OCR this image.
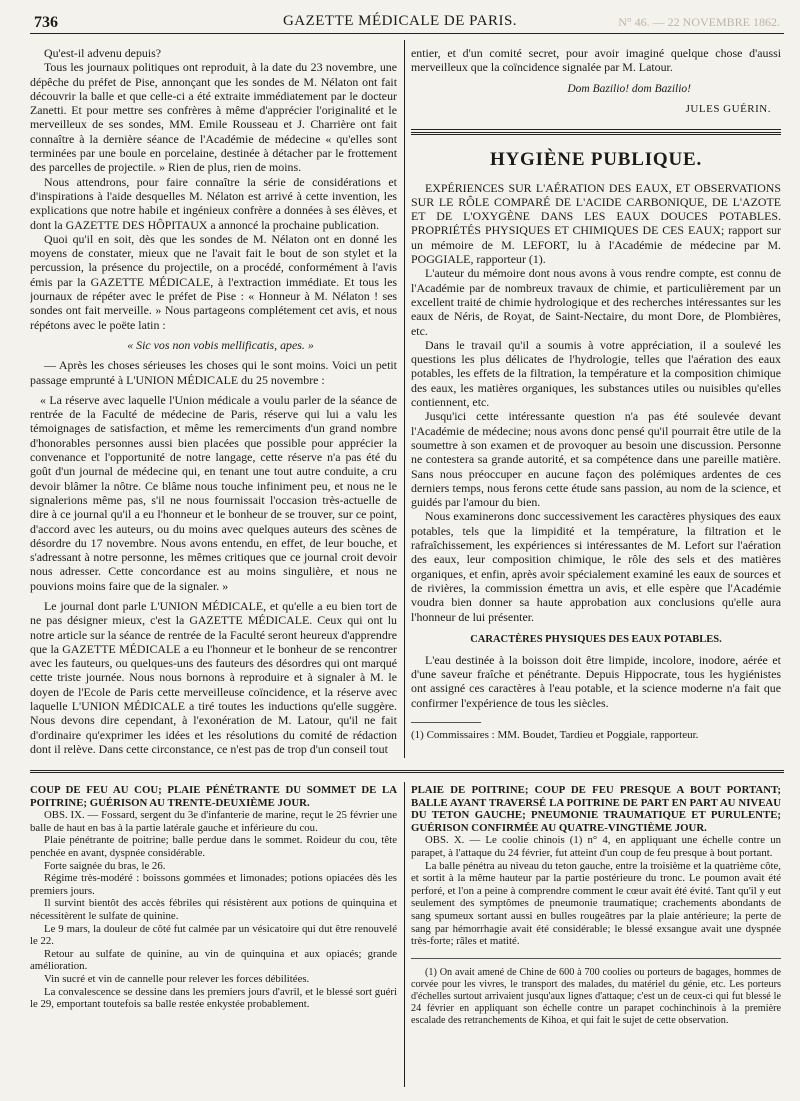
736	GAZETTE MÉDICALE DE PARIS.	N° 46. — 22 NOVEMBRE 1862.

Qu'est-il advenu depuis?

Tous les journaux politiques ont reproduit, à la date du 23 novembre, une dépêche du préfet de Pise, annonçant que les sondes de M. Nélaton ont fait découvrir la balle et que celle-ci a été extraite immédiatement par le docteur Zanetti. Et pour mettre ses confrères à même d'apprécier l'originalité et le merveilleux de ses sondes, MM. Emile Rousseau et J. Charrière ont fait connaître à la dernière séance de l'Académie de médecine « qu'elles sont terminées par une boule en porcelaine, destinée à détacher par le frottement des parcelles de projectile. » Rien de plus, rien de moins.

Nous attendrons, pour faire connaître la série de considérations et d'inspirations à l'aide desquelles M. Nélaton est arrivé à cette invention, les explications que notre habile et ingénieux confrère a données à ses élèves, et dont la GAZETTE DES HÔPITAUX a annoncé la prochaine publication.

Quoi qu'il en soit, dès que les sondes de M. Nélaton ont en donné les moyens de constater, mieux que ne l'avait fait le bout de son stylet et la percussion, la présence du projectile, on a procédé, conformément à l'avis émis par la GAZETTE MÉDICALE, à l'extraction immédiate. Et tous les journaux de répéter avec le préfet de Pise : « Honneur à M. Nélaton ! ses sondes ont fait merveille. » Nous partageons complétement cet avis, et nous répétons avec le poëte latin :

« Sic vos non vobis mellificatis, apes. »

— Après les choses sérieuses les choses qui le sont moins. Voici un petit passage emprunté à L'UNION MÉDICALE du 25 novembre :

« La réserve avec laquelle l'Union médicale a voulu parler de la séance de rentrée de la Faculté de médecine de Paris, réserve qui lui a valu les témoignages de satisfaction, et même les remerciments d'un grand nombre d'honorables personnes aussi bien placées que possible pour apprécier la convenance et l'opportunité de notre langage, cette réserve n'a pas été du goût d'un journal de médecine qui, en tenant une tout autre conduite, a cru devoir blâmer la nôtre. Ce blâme nous touche infiniment peu, et nous ne le signalerions même pas, s'il ne nous fournissait l'occasion très-actuelle de dire à ce journal qu'il a eu l'honneur et le bonheur de se trouver, sur ce point, d'accord avec les auteurs, ou du moins avec quelques auteurs des scènes de désordre du 17 novembre. Nous avons entendu, en effet, de leur bouche, et s'adressant à notre personne, les mêmes critiques que ce journal croit devoir nous adresser. Cette concordance est au moins singulière, et nous ne pouvions moins faire que de la signaler. »

Le journal dont parle L'UNION MÉDICALE, et qu'elle a eu bien tort de ne pas désigner mieux, c'est la GAZETTE MÉDICALE. Ceux qui ont lu notre article sur la séance de rentrée de la Faculté seront heureux d'apprendre que la GAZETTE MÉDICALE a eu l'honneur et le bonheur de se rencontrer avec les fauteurs, ou quelques-uns des fauteurs des désordres qui ont marqué cette triste journée. Nous nous bornons à reproduire et à signaler à M. le doyen de l'Ecole de Paris cette merveilleuse coïncidence, et la réserve avec laquelle L'UNION MÉDICALE a tiré toutes les inductions qu'elle suggère. Nous devons dire cependant, à l'exonération de M. Latour, qu'il ne fait d'ordinaire qu'exprimer les idées et les résolutions du comité de rédaction dont il relève. Dans cette circonstance, ce n'est pas de trop d'un conseil tout

entier, et d'un comité secret, pour avoir imaginé quelque chose d'aussi merveilleux que la coïncidence signalée par M. Latour.

Dom Bazilio! dom Bazilio!
JULES GUÉRIN.
HYGIÈNE PUBLIQUE.

EXPÉRIENCES SUR L'AÉRATION DES EAUX, ET OBSERVATIONS SUR LE RÔLE COMPARÉ DE L'ACIDE CARBONIQUE, DE L'AZOTE ET DE L'OXYGÈNE DANS LES EAUX DOUCES POTABLES. PROPRIÉTÉS PHYSIQUES ET CHIMIQUES DE CES EAUX; rapport sur un mémoire de M. LEFORT, lu à l'Académie de médecine par M. POGGIALE, rapporteur (1).

L'auteur du mémoire dont nous avons à vous rendre compte, est connu de l'Académie par de nombreux travaux de chimie, et particulièrement par un excellent traité de chimie hydrologique et des recherches intéressantes sur les eaux de Néris, de Royat, de Saint-Nectaire, du mont Dore, de Plombières, etc.

Dans le travail qu'il a soumis à votre appréciation, il a soulevé les questions les plus délicates de l'hydrologie, telles que l'aération des eaux potables, les effets de la filtration, la température et la composition chimique des eaux, les matières organiques, les substances utiles ou nuisibles qu'elles contiennent, etc.

Jusqu'ici cette intéressante question n'a pas été soulevée devant l'Académie de médecine; nous avons donc pensé qu'il pourrait être utile de la soumettre à son examen et de provoquer au besoin une discussion. Personne ne contestera sa grande autorité, et sa compétence dans une pareille matière. Sans nous préoccuper en aucune façon des polémiques ardentes de ces derniers temps, nous ferons cette étude sans passion, au nom de la science, et guidés par l'amour du bien.

Nous examinerons donc successivement les caractères physiques des eaux potables, tels que la limpidité et la température, la filtration et le rafraîchissement, les expériences si intéressantes de M. Lefort sur l'aération des eaux, leur composition chimique, le rôle des sels et des matières organiques, et enfin, après avoir spécialement examiné les eaux de sources et de rivières, la commission émettra un avis, et elle espère que l'Académie voudra bien donner sa haute approbation aux conclusions qu'elle aura l'honneur de lui présenter.

CARACTÈRES PHYSIQUES DES EAUX POTABLES.

L'eau destinée à la boisson doit être limpide, incolore, inodore, aérée et d'une saveur fraîche et pénétrante. Depuis Hippocrate, tous les hygiénistes ont assigné ces caractères à l'eau potable, et la science moderne n'a fait que confirmer l'expérience de tous les siècles.

(1) Commissaires : MM. Boudet, Tardieu et Poggiale, rapporteur.

COUP DE FEU AU COU; PLAIE PÉNÉTRANTE DU SOMMET DE LA POITRINE; GUÉRISON AU TRENTE-DEUXIÈME JOUR.

OBS. IX. — Fossard, sergent du 3e d'infanterie de marine, reçut le 25 février une balle de haut en bas à la partie latérale gauche et inférieure du cou.

Plaie pénétrante de poitrine; balle perdue dans le sommet. Roideur du cou, tête penchée en avant, dyspnée considérable.

Forte saignée du bras, le 26.

Régime très-modéré : boissons gommées et limonades; potions opiacées dès les premiers jours.

Il survint bientôt des accès fébriles qui résistèrent aux potions de quinquina et nécessitèrent le sulfate de quinine.

Le 9 mars, la douleur de côté fut calmée par un vésicatoire qui dut être renouvelé le 22.

Retour au sulfate de quinine, au vin de quinquina et aux opiacés; grande amélioration.

Vin sucré et vin de cannelle pour relever les forces débilitées.

La convalescence se dessine dans les premiers jours d'avril, et le blessé sort guéri le 29, emportant toutefois sa balle restée enkystée probablement.

PLAIE DE POITRINE; COUP DE FEU PRESQUE A BOUT PORTANT; BALLE AYANT TRAVERSÉ LA POITRINE DE PART EN PART AU NIVEAU DU TETON GAUCHE; PNEUMONIE TRAUMATIQUE ET PURULENTE; GUÉRISON CONFIRMÉE AU QUATRE-VINGTIÈME JOUR.

OBS. X. — Le coolie chinois (1) n° 4, en appliquant une échelle contre un parapet, à l'attaque du 24 février, fut atteint d'un coup de feu presque à bout portant.

La balle pénétra au niveau du teton gauche, entre la troisième et la quatrième côte, et sortit à la même hauteur par la partie postérieure du tronc. Le poumon avait été perforé, et l'on a peine à comprendre comment le cœur avait été évité. Tant qu'il y eut seulement des symptômes de pneumonie traumatique; crachements abondants de sang spumeux sortant aussi en bulles rougeâtres par la plaie antérieure; la perte de sang par hémorrhagie avait été considérable; le blessé exsangue avait une dyspnée très-forte; râles et matité.

(1) On avait amené de Chine de 600 à 700 coolies ou porteurs de bagages, hommes de corvée pour les vivres, le transport des malades, du matériel du génie, etc. Les porteurs d'échelles surtout arrivaient jusqu'aux lignes d'attaque; c'est un de ceux-ci qui fut blessé le 24 février en appliquant son échelle contre un parapet cochinchinois à la première escalade des retranchements de Kihoa, et qui fait le sujet de cette observation.
